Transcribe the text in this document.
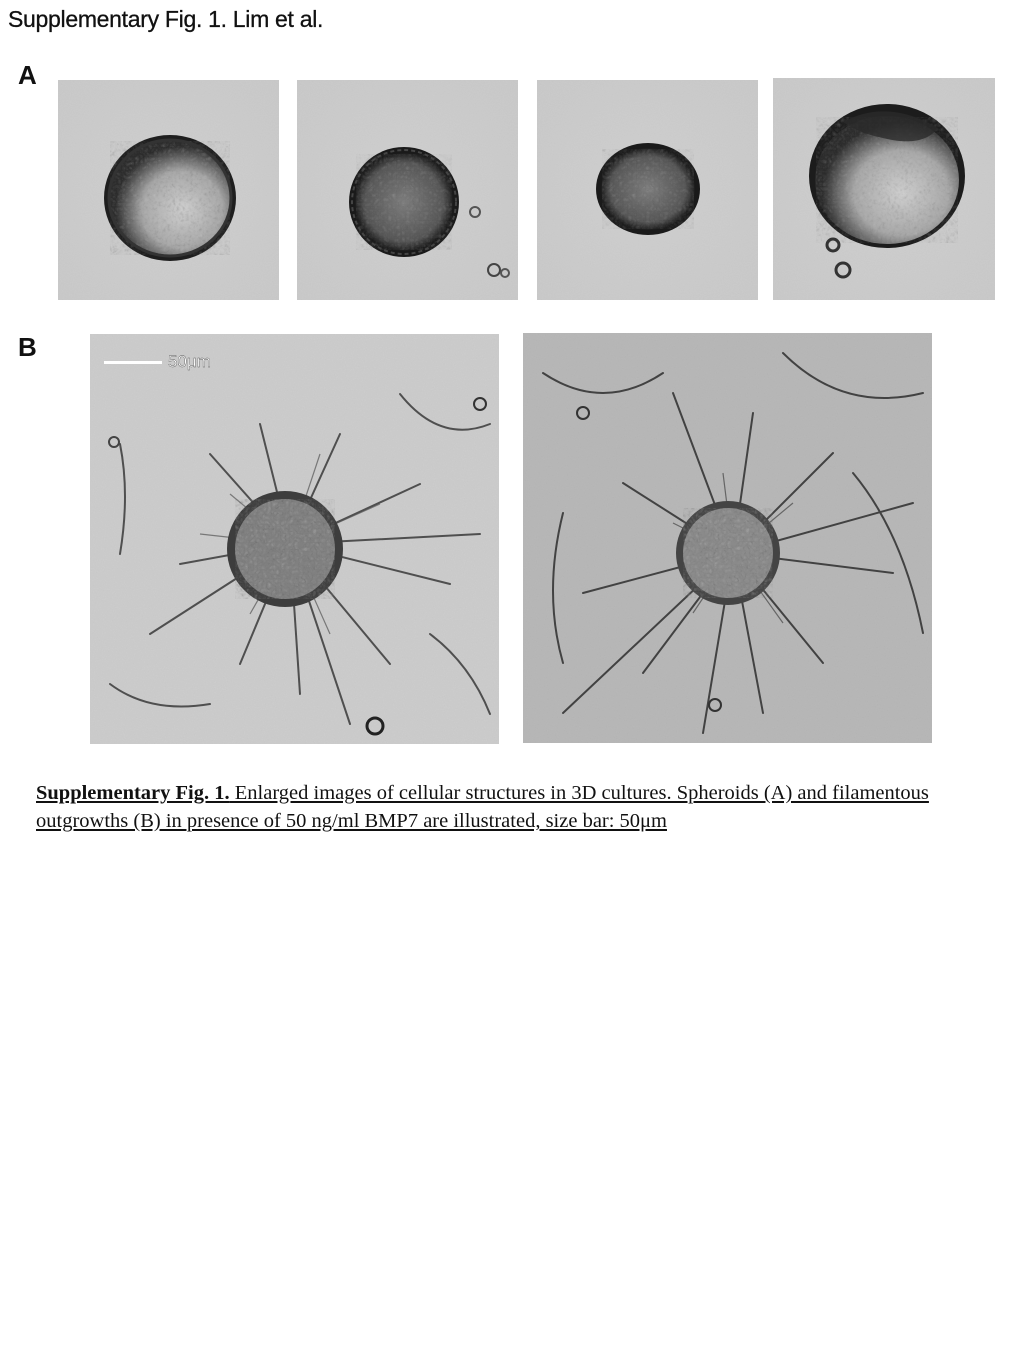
Supplementary Fig. 1. Lim et al.
A
B	50μm

Supplementary Fig. 1. Enlarged images of cellular structures in 3D cultures. Spheroids (A) and filamentous outgrowths (B) in presence of 50 ng/ml BMP7 are illustrated, size bar: 50μm
